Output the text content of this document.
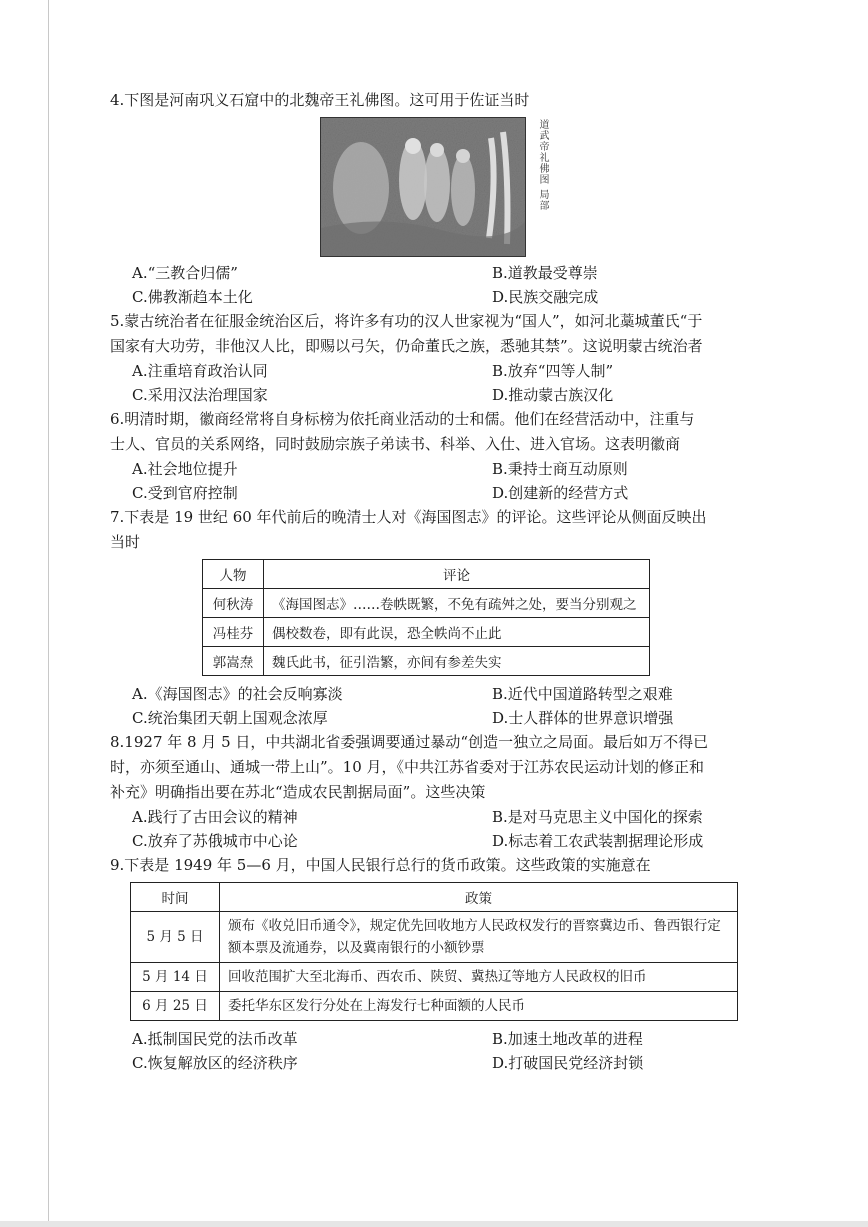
4.下图是河南巩义石窟中的北魏帝王礼佛图。这可用于佐证当时
道武帝礼佛图 局部
A.“三教合归儒”	B.道教最受尊崇
C.佛教渐趋本土化	D.民族交融完成
5.蒙古统治者在征服金统治区后，将许多有功的汉人世家视为“国人”，如河北藁城董氏“于
国家有大功劳，非他汉人比，即赐以弓矢，仍命董氏之族，悉驰其禁”。这说明蒙古统治者
A.注重培育政治认同	B.放弃“四等人制”
C.采用汉法治理国家	D.推动蒙古族汉化
6.明清时期，徽商经常将自身标榜为依托商业活动的士和儒。他们在经营活动中，注重与
士人、官员的关系网络，同时鼓励宗族子弟读书、科举、入仕、进入官场。这表明徽商
A.社会地位提升	B.秉持士商互动原则
C.受到官府控制	D.创建新的经营方式
7.下表是 19 世纪 60 年代前后的晚清士人对《海国图志》的评论。这些评论从侧面反映出
当时
人物	评论
何秋涛	《海国图志》……卷帙既繁，不免有疏舛之处，要当分别观之
冯桂芬	偶校数卷，即有此误，恐全帙尚不止此
郭嵩焘	魏氏此书，征引浩繁，亦间有参差失实
A.《海国图志》的社会反响寡淡	B.近代中国道路转型之艰难
C.统治集团天朝上国观念浓厚	D.士人群体的世界意识增强
8.1927 年 8 月 5 日，中共湖北省委强调要通过暴动“创造一独立之局面。最后如万不得已
时，亦须至通山、通城一带上山”。10 月，《中共江苏省委对于江苏农民运动计划的修正和
补充》明确指出要在苏北“造成农民割据局面”。这些决策
A.践行了古田会议的精神	B.是对马克思主义中国化的探索
C.放弃了苏俄城市中心论	D.标志着工农武装割据理论形成
9.下表是 1949 年 5—6 月，中国人民银行总行的货币政策。这些政策的实施意在
时间	政策
5 月 5 日	颁布《收兑旧币通令》，规定优先回收地方人民政权发行的晋察冀边币、鲁西银行定额本票及流通券，以及冀南银行的小额钞票
5 月 14 日	回收范围扩大至北海币、西农币、陕贸、冀热辽等地方人民政权的旧币
6 月 25 日	委托华东区发行分处在上海发行七种面额的人民币
A.抵制国民党的法币改革	B.加速土地改革的进程
C.恢复解放区的经济秩序	D.打破国民党经济封锁
